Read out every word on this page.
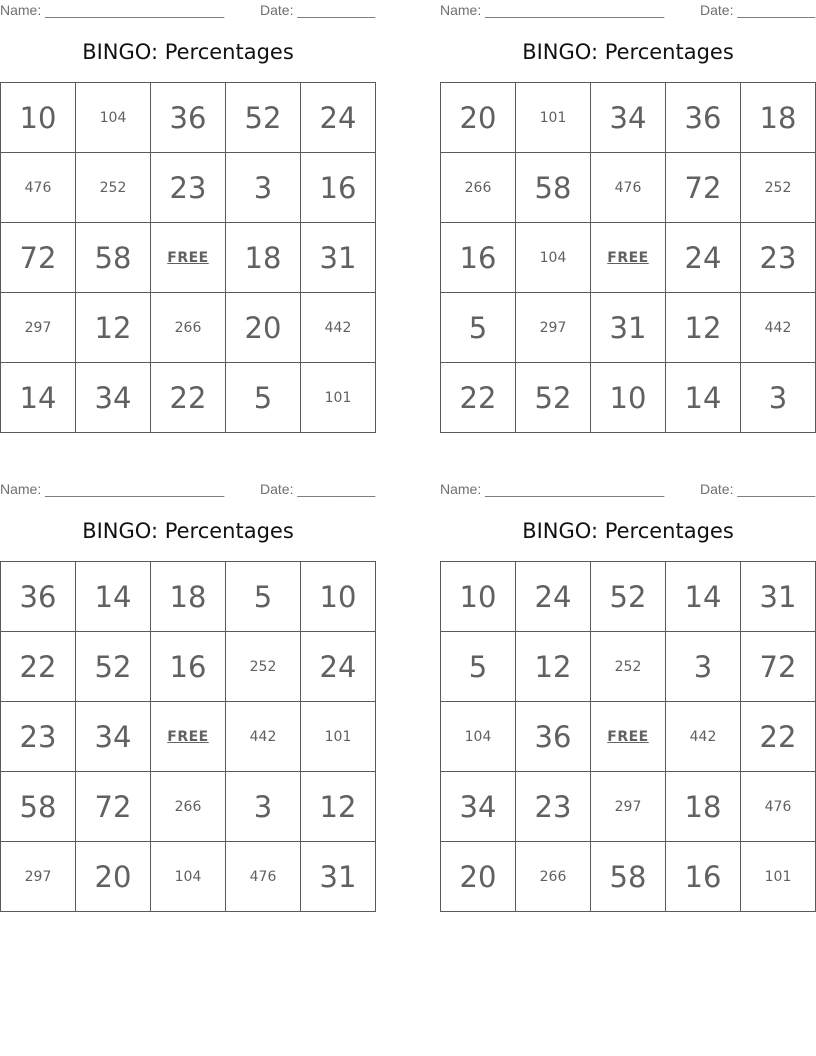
Name: _______________________	Date: __________
BINGO: Percentages
10	104	36	52	24
476	252	23	3	16
72	58	FREE	18	31
297	12	266	20	442
14	34	22	5	101
Name: _______________________	Date: __________
BINGO: Percentages
20	101	34	36	18
266	58	476	72	252
16	104	FREE	24	23
5	297	31	12	442
22	52	10	14	3
Name: _______________________	Date: __________
BINGO: Percentages
36	14	18	5	10
22	52	16	252	24
23	34	FREE	442	101
58	72	266	3	12
297	20	104	476	31
Name: _______________________	Date: __________
BINGO: Percentages
10	24	52	14	31
5	12	252	3	72
104	36	FREE	442	22
34	23	297	18	476
20	266	58	16	101
